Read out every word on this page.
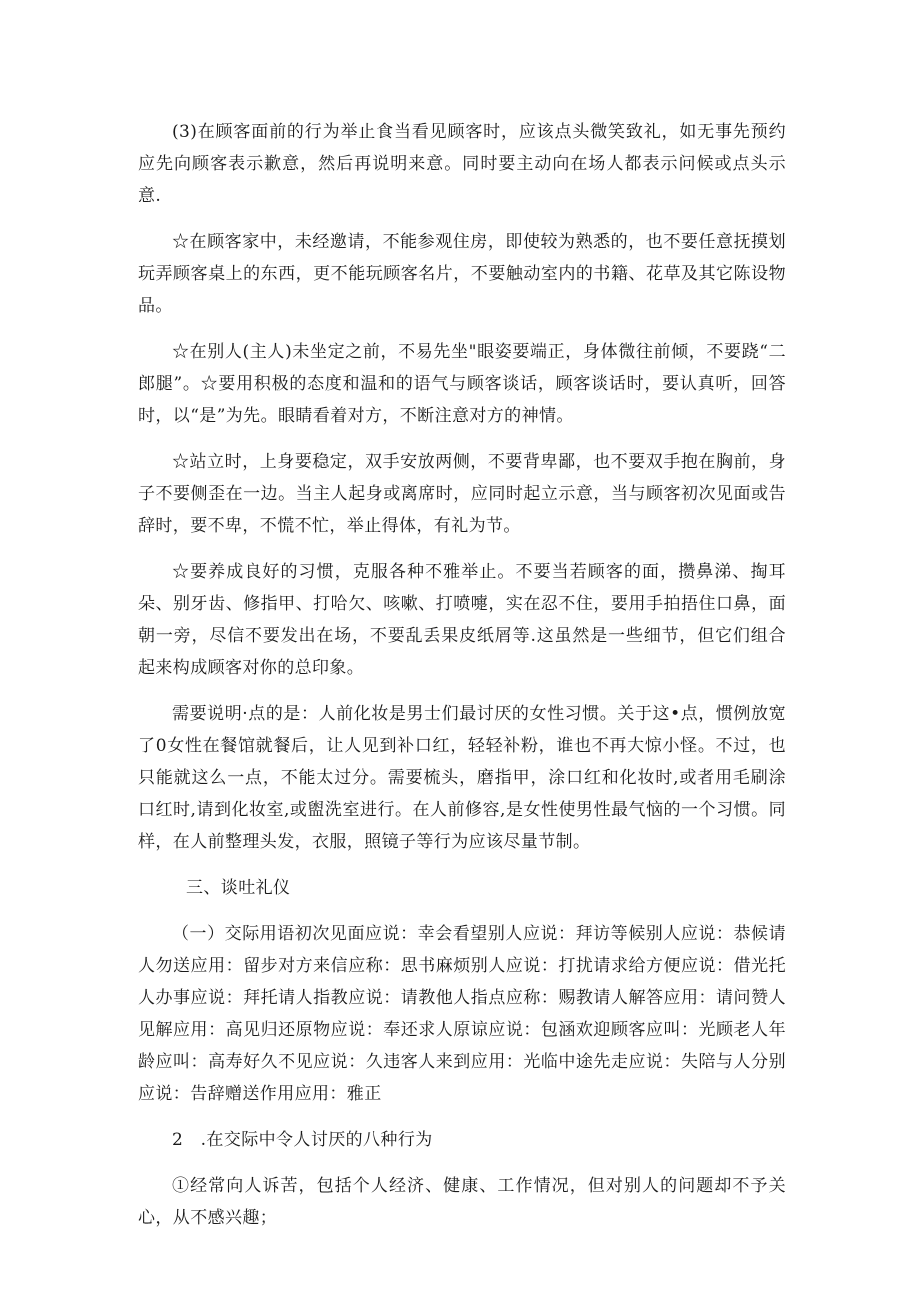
(3)在顾客面前的行为举止食当看见顾客时，应该点头微笑致礼，如无事先预约应先向顾客表示歉意，然后再说明来意。同时要主动向在场人都表示问候或点头示意.

☆在顾客家中，未经邀请，不能参观住房，即使较为熟悉的，也不要任意抚摸划玩弄顾客桌上的东西，更不能玩顾客名片，不要触动室内的书籍、花草及其它陈设物品。

☆在别人(主人)未坐定之前，不易先坐"眼姿要端正，身体微往前倾，不要跷“二郎腿”。☆要用积极的态度和温和的语气与顾客谈话，顾客谈话时，要认真听，回答时，以“是”为先。眼睛看着对方，不断注意对方的神情。

☆站立时，上身要稳定，双手安放两侧，不要背卑鄙，也不要双手抱在胸前，身子不要侧歪在一边。当主人起身或离席时，应同时起立示意，当与顾客初次见面或告辞时，要不卑，不慌不忙，举止得体，有礼为节。

☆要养成良好的习惯，克服各种不雅举止。不要当若顾客的面，攒鼻涕、掏耳朵、别牙齿、修指甲、打哈欠、咳嗽、打喷嚏，实在忍不住，要用手拍捂住口鼻，面朝一旁，尽信不要发出在场，不要乱丢果皮纸屑等.这虽然是一些细节，但它们组合起来构成顾客对你的总印象。

需要说明·点的是：人前化妆是男士们最讨厌的女性习惯。关于这•点，惯例放宽了0女性在餐馆就餐后，让人见到补口红，轻轻补粉，谁也不再大惊小怪。不过，也只能就这么一点，不能太过分。需要梳头，磨指甲，涂口红和化妆时,或者用毛刷涂口红时,请到化妆室,或盥洗室进行。在人前修容,是女性使男性最气恼的一个习惯。同样，在人前整理头发，衣服，照镜子等行为应该尽量节制。

三、谈吐礼仪

（一）交际用语初次见面应说：幸会看望别人应说：拜访等候别人应说：恭候请人勿送应用：留步对方来信应称：思书麻烦别人应说：打扰请求给方便应说：借光托人办事应说：拜托请人指教应说：请教他人指点应称：赐教请人解答应用：请问赞人见解应用：高见归还原物应说：奉还求人原谅应说：包涵欢迎顾客应叫：光顾老人年龄应叫：高寿好久不见应说：久违客人来到应用：光临中途先走应说：失陪与人分别应说：告辞赠送作用应用：雅正

2　.在交际中令人讨厌的八种行为

①经常向人诉苦，包括个人经济、健康、工作情况，但对别人的问题却不予关心，从不感兴趣；
